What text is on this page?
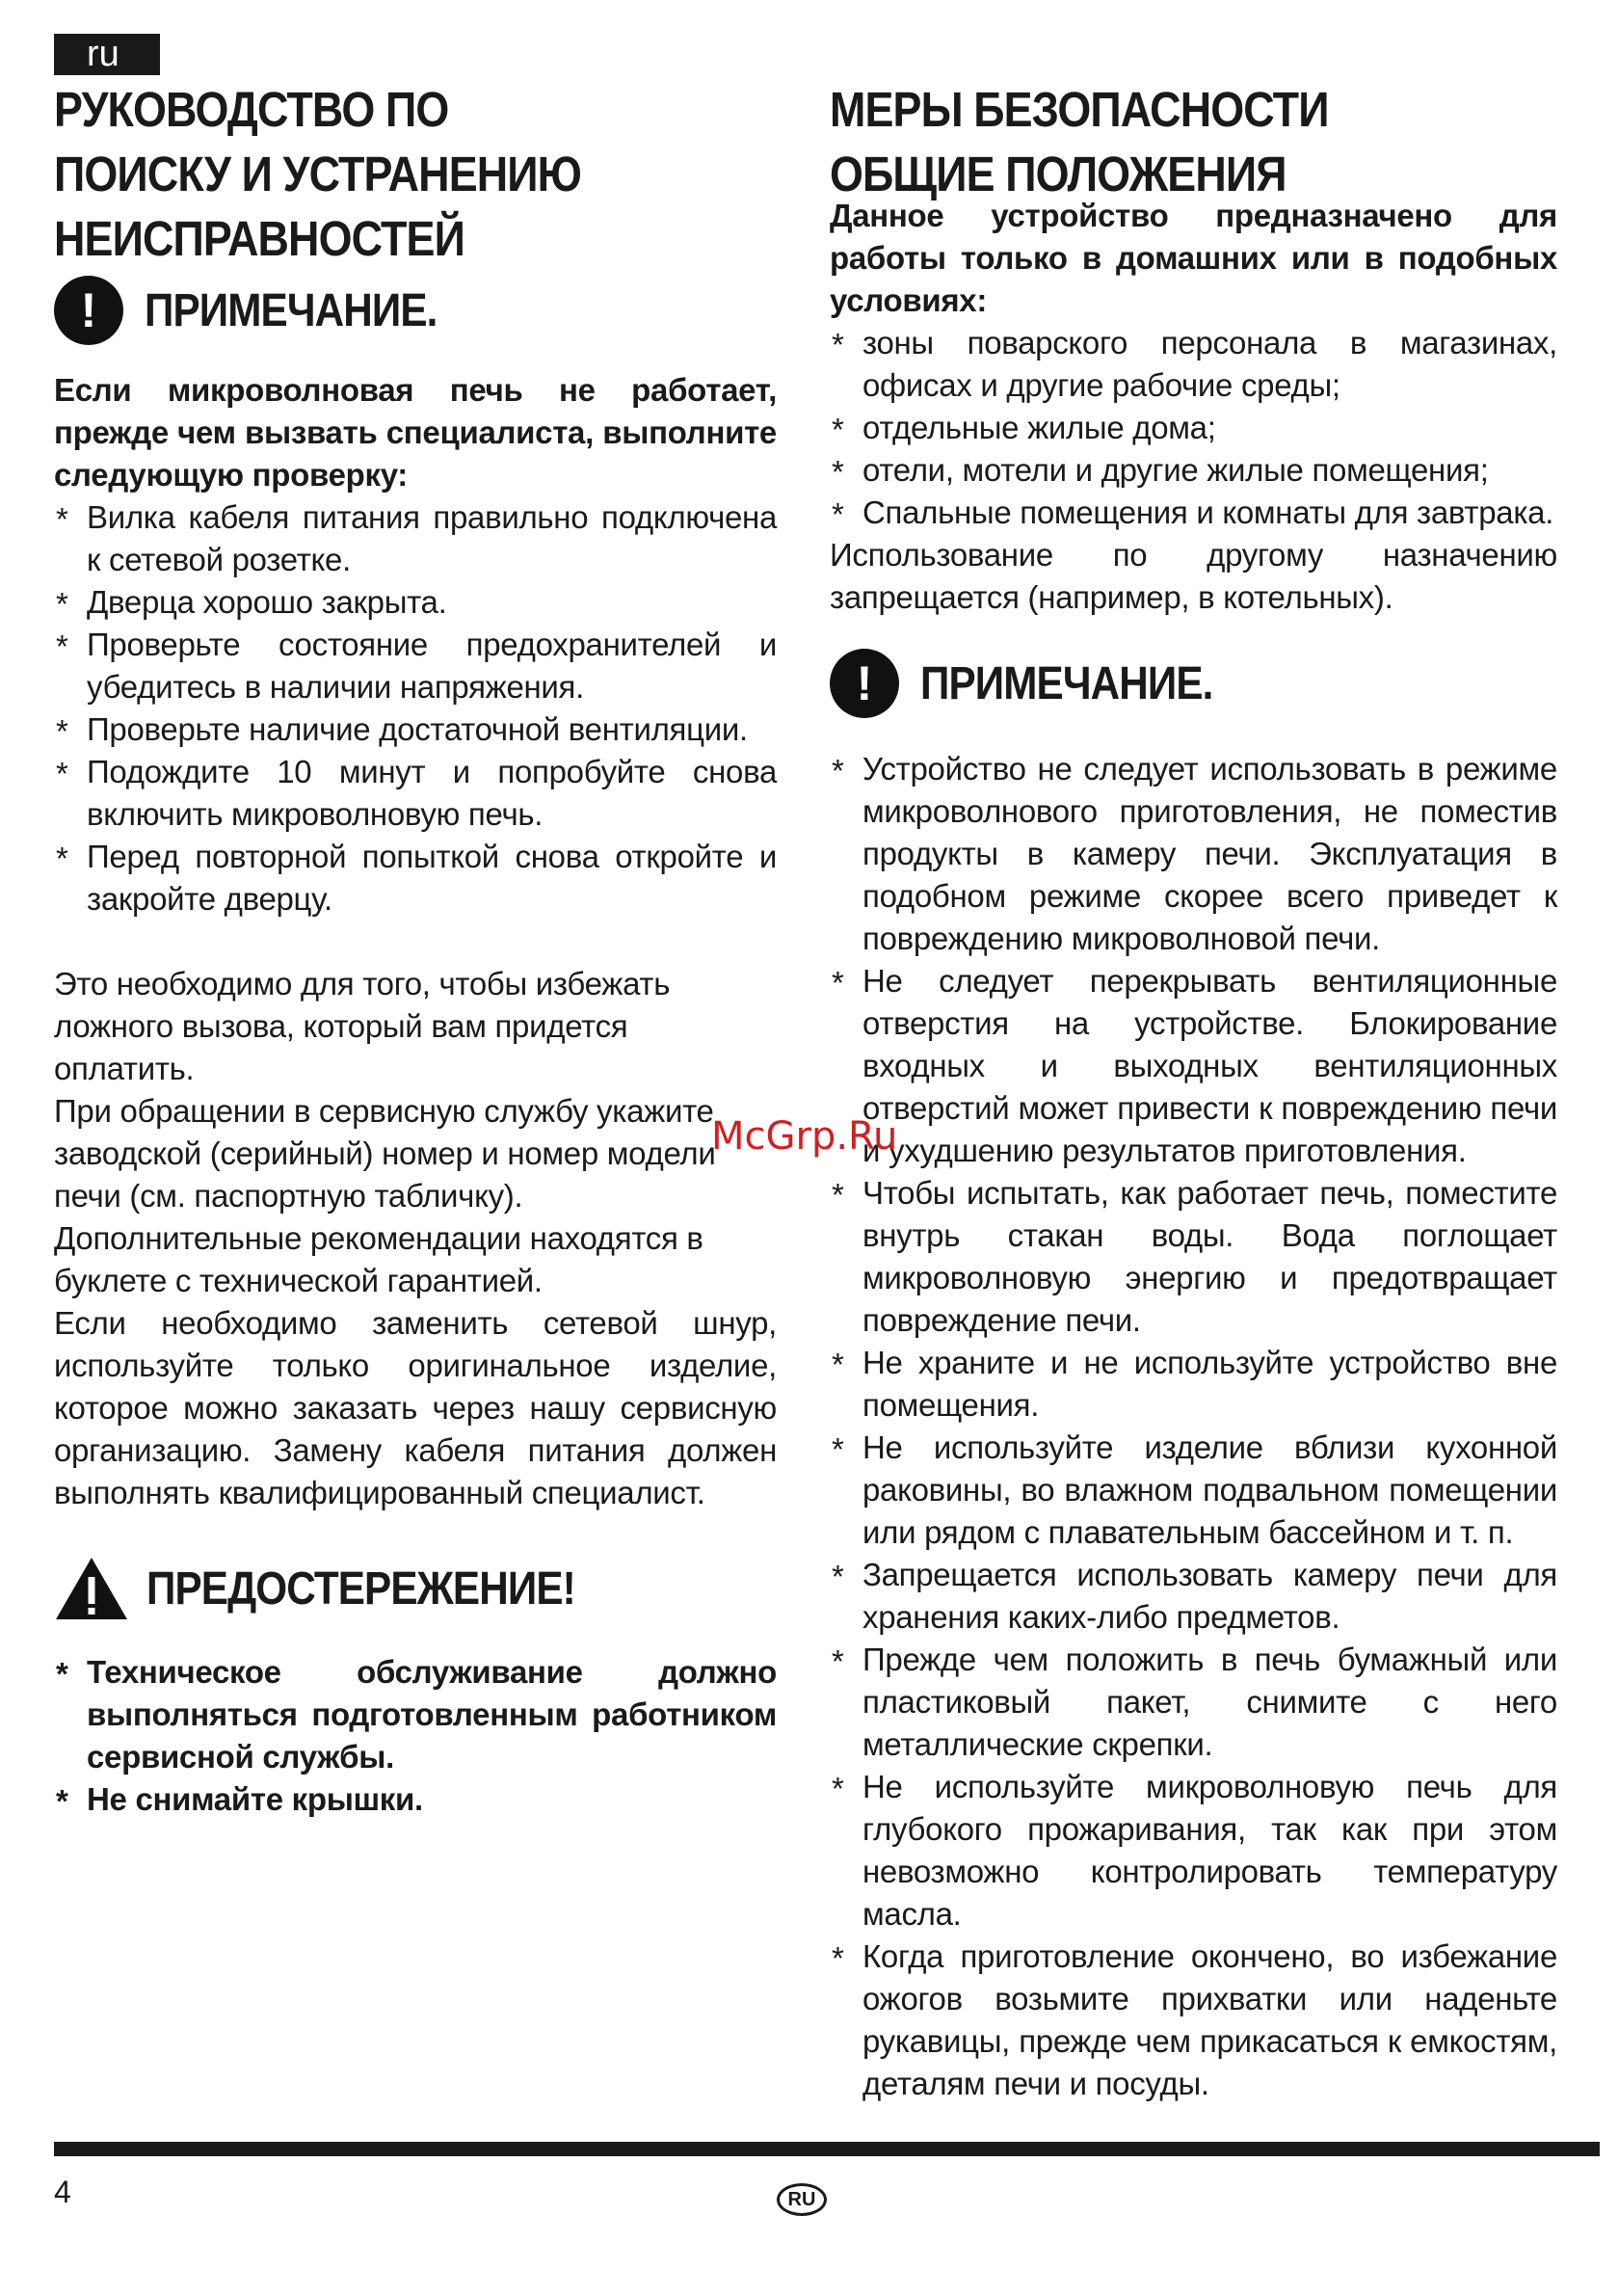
ru
РУКОВОДСТВО ПО
ПОИСКУ И УСТРАНЕНИЮ
НЕИСПРАВНОСТЕЙ
!	ПРИМЕЧАНИЕ.

Если микроволновая печь не работает, прежде чем вызвать специалиста, выполните следующую проверку:

* Вилка кабеля питания правильно подключена к сетевой розетке.
* Дверца хорошо закрыта.
* Проверьте состояние предохранителей и убедитесь в наличии напряжения.
* Проверьте наличие достаточной вентиляции.
* Подождите 10 минут и попробуйте снова включить микроволновую печь.
* Перед повторной попыткой снова откройте и закройте дверцу.

Это необходимо для того, чтобы избежать ложного вызова, который вам придется оплатить.

При обращении в сервисную службу укажите заводской (серийный) номер и номер модели печи (см. паспортную табличку).

Дополнительные рекомендации находятся в буклете с технической гарантией.

Если необходимо заменить сетевой шнур, используйте только оригинальное изделие, которое можно заказать через нашу сервисную организацию. Замену кабеля питания должен выполнять квалифицированный специалист.

ПРЕДОСТЕРЕЖЕНИЕ!
* Техническое обслуживание должно выполняться подготовленным работником сервисной службы.
* Не снимайте крышки.
МЕРЫ БЕЗОПАСНОСТИ
ОБЩИЕ ПОЛОЖЕНИЯ

Данное устройство предназначено для работы только в домашних или в подобных условиях:

* зоны поварского персонала в магазинах, офисах и другие рабочие среды;
* отдельные жилые дома;
* отели, мотели и другие жилые помещения;
* Спальные помещения и комнаты для завтрака.

Использование по другому назначению запрещается (например, в котельных).

!	ПРИМЕЧАНИЕ.
* Устройство не следует использовать в режиме микроволнового приготовления, не поместив продукты в камеру печи. Эксплуатация в подобном режиме скорее всего приведет к повреждению микроволновой печи.
* Не следует перекрывать вентиляционные отверстия на устройстве. Блокирование входных и выходных вентиляционных отверстий может привести к повреждению печи и ухудшению результатов приготовления.
* Чтобы испытать, как работает печь, поместите внутрь стакан воды. Вода поглощает микроволновую энергию и предотвращает повреждение печи.
* Не храните и не используйте устройство вне помещения.
* Не используйте изделие вблизи кухонной раковины, во влажном подвальном помещении или рядом с плавательным бассейном и т. п.
* Запрещается использовать камеру печи для хранения каких-либо предметов.
* Прежде чем положить в печь бумажный или пластиковый пакет, снимите с него металлические скрепки.
* Не используйте микроволновую печь для глубокого прожаривания, так как при этом невозможно контролировать температуру масла.
* Когда приготовление окончено, во избежание ожогов возьмите прихватки или наденьте рукавицы, прежде чем прикасаться к емкостям, деталям печи и посуды.
McGrp.Ru
4	RU
